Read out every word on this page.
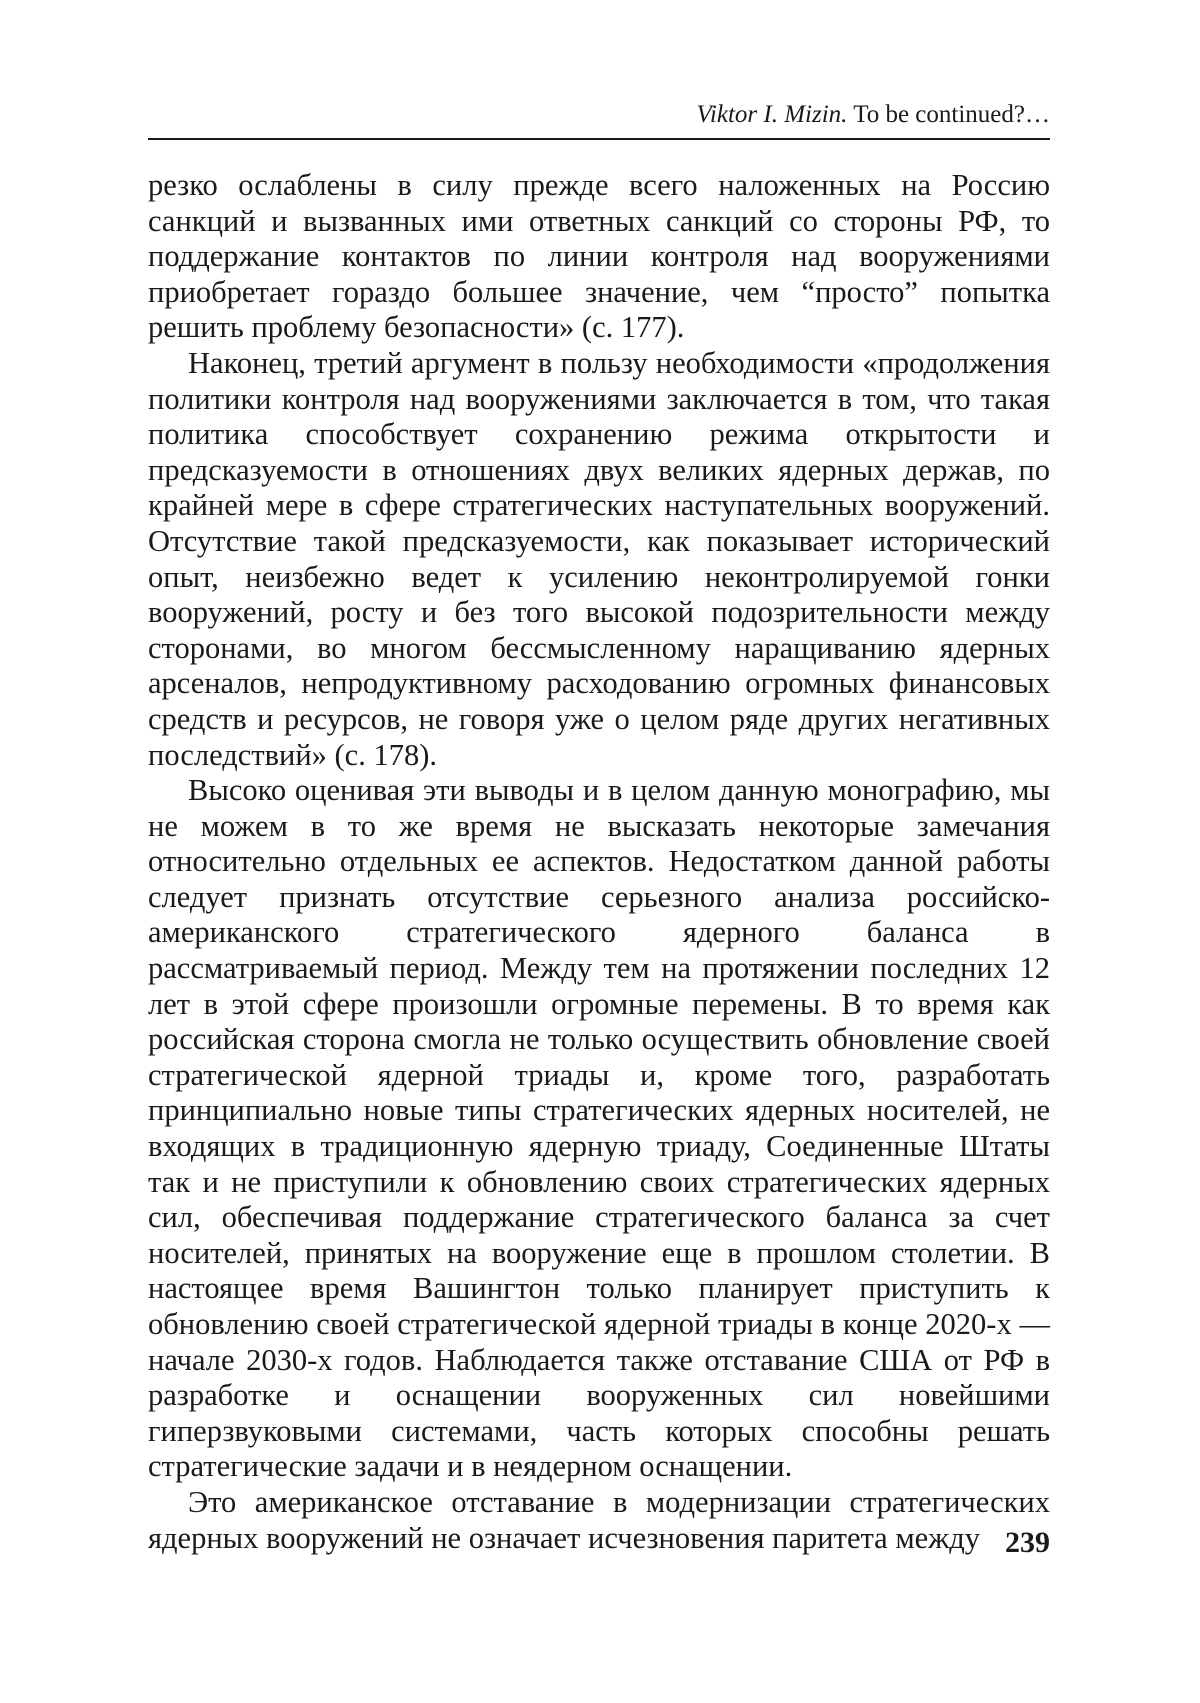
Viktor I. Mizin. To be continued?…

резко ослаблены в силу прежде всего наложенных на Россию санкций и вызванных ими ответных санкций со стороны РФ, то поддержание контактов по линии контроля над вооружениями приобретает гораздо большее значение, чем “просто” попытка решить проблему безопасности» (с. 177).

Наконец, третий аргумент в пользу необходимости «продолжения политики контроля над вооружениями заключается в том, что такая политика способствует сохранению режима открытости и предсказуемости в отношениях двух великих ядерных держав, по крайней мере в сфере стратегических наступательных вооружений. Отсутствие такой предсказуемости, как показывает исторический опыт, неизбежно ведет к усилению неконтролируемой гонки вооружений, росту и без того высокой подозрительности между сторонами, во многом бессмысленному наращиванию ядерных арсеналов, непродуктивному расходованию огромных финансовых средств и ресурсов, не говоря уже о целом ряде других негативных последствий» (с. 178).

Высоко оценивая эти выводы и в целом данную монографию, мы не можем в то же время не высказать некоторые замечания относительно отдельных ее аспектов. Недостатком данной работы следует признать отсутствие серьезного анализа российско-американского стратегического ядерного баланса в рассматриваемый период. Между тем на протяжении последних 12 лет в этой сфере произошли огромные перемены. В то время как российская сторона смогла не только осуществить обновление своей стратегической ядерной триады и, кроме того, разработать принципиально новые типы стратегических ядерных носителей, не входящих в традиционную ядерную триаду, Соединенные Штаты так и не приступили к обновлению своих стратегических ядерных сил, обеспечивая поддержание стратегического баланса за счет носителей, принятых на вооружение еще в прошлом столетии. В настоящее время Вашингтон только планирует приступить к обновлению своей стратегической ядерной триады в конце 2020-х — начале 2030-х годов. Наблюдается также отставание США от РФ в разработке и оснащении вооруженных сил новейшими гиперзвуковыми системами, часть которых способны решать стратегические задачи и в неядерном оснащении.

Это американское отставание в модернизации стратегических ядерных вооружений не означает исчезновения паритета между 239
